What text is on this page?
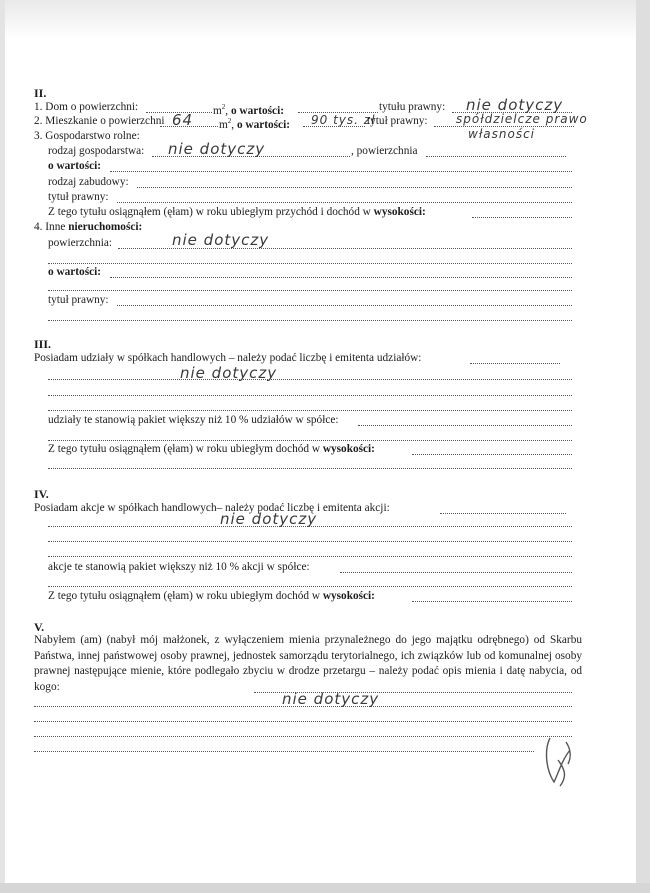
II.
1. Dom o powierzchni:	$m^2$, o wartości:	tytułu prawny: nie dotyczy
2. Mieszkanie o powierzchni 64 $m^2$, o wartości: 90 tys. zł
tytuł prawny: spółdzielcze prawo
własności
3. Gospodarstwo rolne:
rodzaj gospodarstwa: nie dotyczy	, powierzchnia
o wartości:
rodzaj zabudowy:
tytuł prawny:
Z tego tytułu osiągnąłem (ęłam) w roku ubiegłym przychód i dochód w wysokości:
4. Inne nieruchomości:
powierzchnia:	nie dotyczy
o wartości:
tytuł prawny:
III.
Posiadam udziały w spółkach handlowych – należy podać liczbę i emitenta udziałów:
nie dotyczy
udziały te stanowią pakiet większy niż 10 % udziałów w spółce:
Z tego tytułu osiągnąłem (ęłam) w roku ubiegłym dochód w wysokości:
IV.
Posiadam akcje w spółkach handlowych– należy podać liczbę i emitenta akcji:
nie dotyczy
akcje te stanowią pakiet większy niż 10 % akcji w spółce:
Z tego tytułu osiągnąłem (ęłam) w roku ubiegłym dochód w wysokości:
V.
Nabyłem (am) (nabył mój małżonek, z wyłączeniem mienia przynależnego do jego majątku odrębnego) od Skarbu Państwa, innej państwowej osoby prawnej, jednostek samorządu terytorialnego, ich związków lub od komunalnej osoby prawnej następujące mienie, które podlegało zbyciu w drodze przetargu – należy podać opis mienia i datę nabycia, od kogo:
nie dotyczy
